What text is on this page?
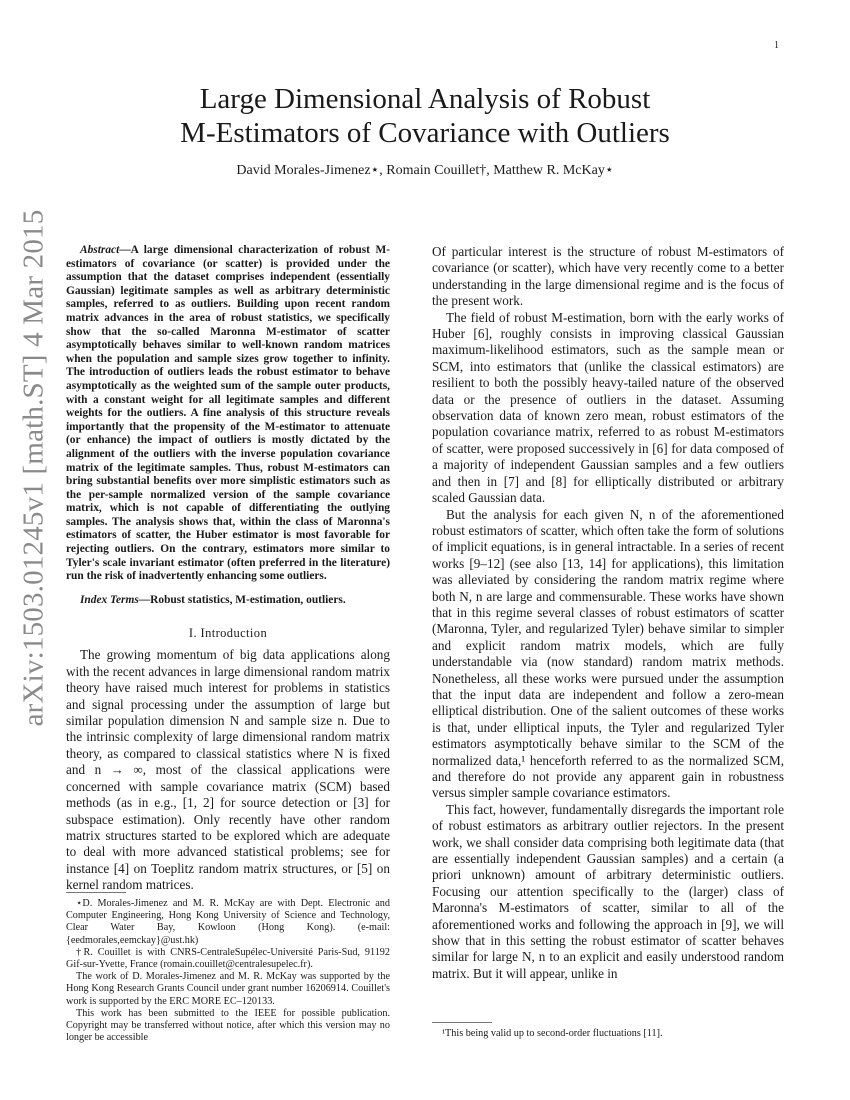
1
arXiv:1503.01245v1 [math.ST] 4 Mar 2015
Large Dimensional Analysis of Robust
M-Estimators of Covariance with Outliers
David Morales-Jimenez⋆, Romain Couillet†, Matthew R. McKay⋆

Abstract—A large dimensional characterization of robust M-estimators of covariance (or scatter) is provided under the assumption that the dataset comprises independent (essentially Gaussian) legitimate samples as well as arbitrary deterministic samples, referred to as outliers. Building upon recent random matrix advances in the area of robust statistics, we specifically show that the so-called Maronna M-estimator of scatter asymptotically behaves similar to well-known random matrices when the population and sample sizes grow together to infinity. The introduction of outliers leads the robust estimator to behave asymptotically as the weighted sum of the sample outer products, with a constant weight for all legitimate samples and different weights for the outliers. A fine analysis of this structure reveals importantly that the propensity of the M-estimator to attenuate (or enhance) the impact of outliers is mostly dictated by the alignment of the outliers with the inverse population covariance matrix of the legitimate samples. Thus, robust M-estimators can bring substantial benefits over more simplistic estimators such as the per-sample normalized version of the sample covariance matrix, which is not capable of differentiating the outlying samples. The analysis shows that, within the class of Maronna's estimators of scatter, the Huber estimator is most favorable for rejecting outliers. On the contrary, estimators more similar to Tyler's scale invariant estimator (often preferred in the literature) run the risk of inadvertently enhancing some outliers.

Index Terms—Robust statistics, M-estimation, outliers.

I. Introduction

The growing momentum of big data applications along with the recent advances in large dimensional random matrix theory have raised much interest for problems in statistics and signal processing under the assumption of large but similar population dimension N and sample size n. Due to the intrinsic complexity of large dimensional random matrix theory, as compared to classical statistics where N is fixed and n → ∞, most of the classical applications were concerned with sample covariance matrix (SCM) based methods (as in e.g., [1, 2] for source detection or [3] for subspace estimation). Only recently have other random matrix structures started to be explored which are adequate to deal with more advanced statistical problems; see for instance [4] on Toeplitz random matrix structures, or [5] on kernel random matrices.

⋆D. Morales-Jimenez and M. R. McKay are with Dept. Electronic and Computer Engineering, Hong Kong University of Science and Technology, Clear Water Bay, Kowloon (Hong Kong). (e-mail:{eedmorales,eemckay}@ust.hk)

†R. Couillet is with CNRS-CentraleSupélec-Université Paris-Sud, 91192 Gif-sur-Yvette, France (romain.couillet@centralesupelec.fr).

The work of D. Morales-Jimenez and M. R. McKay was supported by the Hong Kong Research Grants Council under grant number 16206914. Couillet's work is supported by the ERC MORE EC–120133.

This work has been submitted to the IEEE for possible publication. Copyright may be transferred without notice, after which this version may no longer be accessible

Of particular interest is the structure of robust M-estimators of covariance (or scatter), which have very recently come to a better understanding in the large dimensional regime and is the focus of the present work.

The field of robust M-estimation, born with the early works of Huber [6], roughly consists in improving classical Gaussian maximum-likelihood estimators, such as the sample mean or SCM, into estimators that (unlike the classical estimators) are resilient to both the possibly heavy-tailed nature of the observed data or the presence of outliers in the dataset. Assuming observation data of known zero mean, robust estimators of the population covariance matrix, referred to as robust M-estimators of scatter, were proposed successively in [6] for data composed of a majority of independent Gaussian samples and a few outliers and then in [7] and [8] for elliptically distributed or arbitrary scaled Gaussian data.

But the analysis for each given N, n of the aforementioned robust estimators of scatter, which often take the form of solutions of implicit equations, is in general intractable. In a series of recent works [9–12] (see also [13, 14] for applications), this limitation was alleviated by considering the random matrix regime where both N, n are large and commensurable. These works have shown that in this regime several classes of robust estimators of scatter (Maronna, Tyler, and regularized Tyler) behave similar to simpler and explicit random matrix models, which are fully understandable via (now standard) random matrix methods. Nonetheless, all these works were pursued under the assumption that the input data are independent and follow a zero-mean elliptical distribution. One of the salient outcomes of these works is that, under elliptical inputs, the Tyler and regularized Tyler estimators asymptotically behave similar to the SCM of the normalized data,¹ henceforth referred to as the normalized SCM, and therefore do not provide any apparent gain in robustness versus simpler sample covariance estimators.

This fact, however, fundamentally disregards the important role of robust estimators as arbitrary outlier rejectors. In the present work, we shall consider data comprising both legitimate data (that are essentially independent Gaussian samples) and a certain (a priori unknown) amount of arbitrary deterministic outliers. Focusing our attention specifically to the (larger) class of Maronna's M-estimators of scatter, similar to all of the aforementioned works and following the approach in [9], we will show that in this setting the robust estimator of scatter behaves similar for large N, n to an explicit and easily understood random matrix. But it will appear, unlike in

¹This being valid up to second-order fluctuations [11].
